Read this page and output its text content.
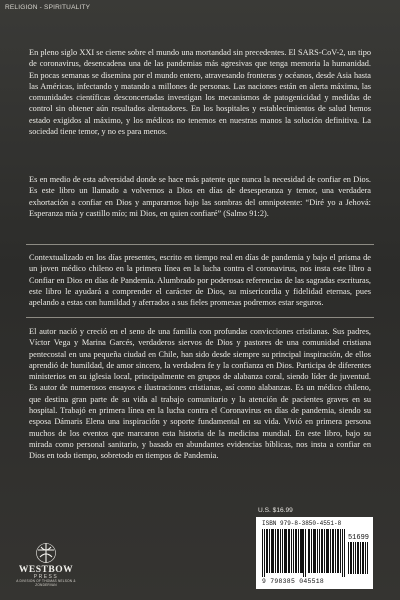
RELIGION - SPIRITUALITY

En pleno siglo XXI se cierne sobre el mundo una mortandad sin precedentes. El SARS-CoV-2, un tipo de coronavirus, desencadena una de las pandemias más agresivas que tenga memoria la humanidad. En pocas semanas se disemina por el mundo entero, atravesando fronteras y océanos, desde Asia hasta las Américas, infectando y matando a millones de personas. Las naciones están en alerta máxima, las comunidades científicas desconcertadas investigan los mecanismos de patogenicidad y medidas de control sin obtener aún resultados alentadores. En los hospitales y establecimientos de salud hemos estado exigidos al máximo, y los médicos no tenemos en nuestras manos la solución definitiva. La sociedad tiene temor, y no es para menos.

Es en medio de esta adversidad donde se hace más patente que nunca la necesidad de confiar en Dios. Es este libro un llamado a volvernos a Dios en días de desesperanza y temor, una verdadera exhortación a confiar en Dios y ampararnos bajo las sombras del omnipotente: “Diré yo a Jehová: Esperanza mía y castillo mío; mi Dios, en quien confiaré” (Salmo 91:2).

Contextualizado en los días presentes, escrito en tiempo real en días de pandemia y bajo el prisma de un joven médico chileno en la primera línea en la lucha contra el coronavirus, nos insta este libro a Confiar en Dios en días de Pandemia. Alumbrado por poderosas referencias de las sagradas escrituras, este libro le ayudará a comprender el carácter de Dios, su misericordia y fidelidad eternas, pues apelando a estas con humildad y aferrados a sus fieles promesas podremos estar seguros.

El autor nació y creció en el seno de una familia con profundas convicciones cristianas. Sus padres, Víctor Vega y Marina Garcés, verdaderos siervos de Dios y pastores de una comunidad cristiana pentecostal en una pequeña ciudad en Chile, han sido desde siempre su principal inspiración, de ellos aprendió de humildad, de amor sincero, la verdadera fe y la confianza en Dios. Participa de diferentes ministerios en su iglesia local, principalmente en grupos de alabanza coral, siendo líder de juventud. Es autor de numerosos ensayos e ilustraciones cristianas, así como alabanzas. Es un médico chileno, que destina gran parte de su vida al trabajo comunitario y la atención de pacientes graves en su hospital. Trabajó en primera línea en la lucha contra el Coronavirus en días de pandemia, siendo su esposa Dámaris Elena una inspiración y soporte fundamental en su vida. Vivió en primera persona muchos de los eventos que marcaron esta historia de la medicina mundial. En este libro, bajo su mirada como personal sanitario, y basado en abundantes evidencias bíblicas, nos insta a confiar en Dios en todo tiempo, sobretodo en tiempos de Pandemia.

U.S. $16.99
ISBN 979-8-3850-4551-8
51699
9 798385 045518
WESTBOW
PRESS
A DIVISION OF THOMAS NELSON & ZONDERVAN
